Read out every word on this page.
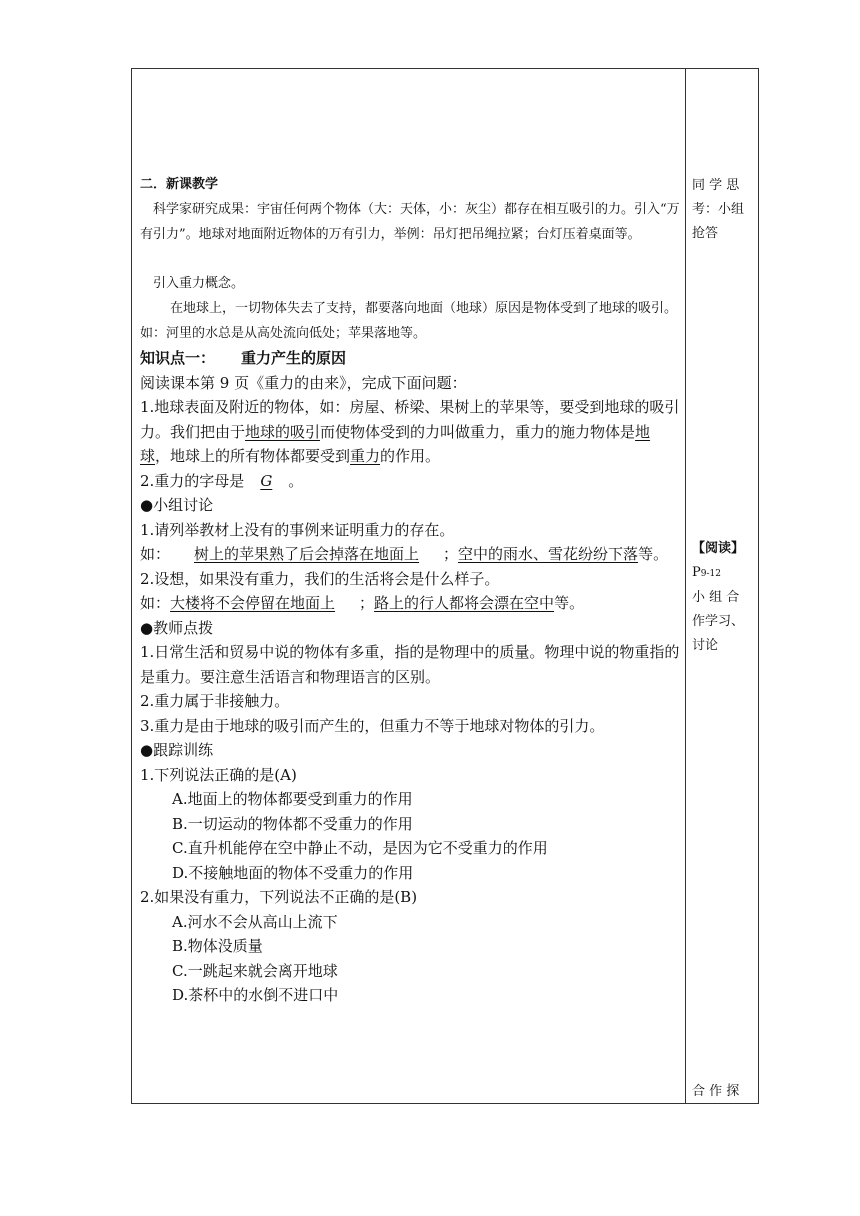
二．新课教学

科学家研究成果：宇宙任何两个物体（大：天体，小：灰尘）都存在相互吸引的力。引入“万有引力”。地球对地面附近物体的万有引力，举例：吊灯把吊绳拉紧；台灯压着桌面等。

引入重力概念。

在地球上，一切物体失去了支持，都要落向地面（地球）原因是物体受到了地球的吸引。如：河里的水总是从高处流向低处；苹果落地等。

知识点一： 重力产生的原因

阅读课本第 9 页《重力的由来》，完成下面问题：

1.地球表面及附近的物体，如：房屋、桥梁、果树上的苹果等，要受到地球的吸引力。我们把由于地球的吸引而使物体受到的力叫做重力，重力的施力物体是地球，地球上的所有物体都要受到重力的作用。

2.重力的字母是 G 。

●小组讨论

1.请列举教材上没有的事例来证明重力的存在。

如： 树上的苹果熟了后会掉落在地面上 ；空中的雨水、雪花纷纷下落等。

2.设想，如果没有重力，我们的生活将会是什么样子。

如：大楼将不会停留在地面上 ；路上的行人都将会漂在空中等。

●教师点拨

1.日常生活和贸易中说的物体有多重，指的是物理中的质量。物理中说的物重指的是重力。要注意生活语言和物理语言的区别。

2.重力属于非接触力。

3.重力是由于地球的吸引而产生的，但重力不等于地球对物体的引力。

●跟踪训练

1.下列说法正确的是(A)

A.地面上的物体都要受到重力的作用

B.一切运动的物体都不受重力的作用

C.直升机能停在空中静止不动，是因为它不受重力的作用

D.不接触地面的物体不受重力的作用

2.如果没有重力，下列说法不正确的是(B)

A.河水不会从高山上流下

B.物体没质量

C.一跳起来就会离开地球

D.茶杯中的水倒不进口中

同 学 思
考：小组
抢答
【阅读】
P9-12
小 组 合
作学习、
讨论
合 作 探
